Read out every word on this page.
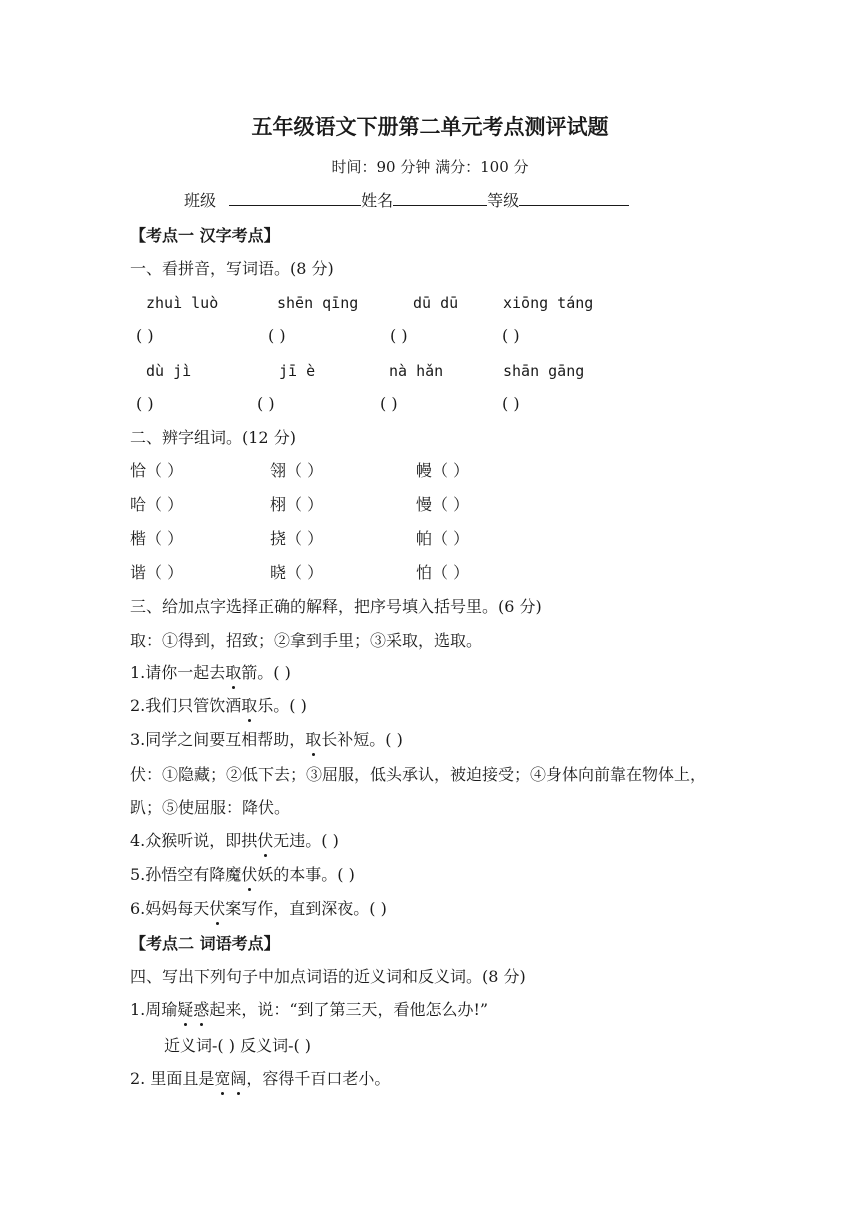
五年级语文下册第二单元考点测评试题
时间：90 分钟 满分：100 分
班级	姓名	等级
【考点一 汉字考点】
一、看拼音，写词语。(8 分)
zhuì luò	shēn qīng	dū dū	xiōng táng
( )	( )	( )	( )
dù jì	jī è	nà hǎn	shān gāng
( )	( )	( )	( )
二、辨字组词。(12 分)
恰（ ）	翎（ ）	幔（ ）
哈（ ）	栩（ ）	慢（ ）
楷（ ）	挠（ ）	帕（ ）
谐（ ）	晓（ ）	怕（ ）
三、给加点字选择正确的解释，把序号填入括号里。(6 分)
取：①得到，招致；②拿到手里；③采取，选取。
1.请你一起去取箭。( )
2.我们只管饮酒取乐。( )
3.同学之间要互相帮助，取长补短。( )
伏：①隐藏；②低下去；③屈服，低头承认，被迫接受；④身体向前靠在物体上，
趴；⑤使屈服：降伏。
4.众猴听说，即拱伏无违。( )
5.孙悟空有降魔伏妖的本事。( )
6.妈妈每天伏案写作，直到深夜。( )
【考点二 词语考点】
四、写出下列句子中加点词语的近义词和反义词。(8 分)
1.周瑜疑惑起来，说：“到了第三天，看他怎么办!”
近义词-( ) 反义词-( )
2. 里面且是宽阔，容得千百口老小。
